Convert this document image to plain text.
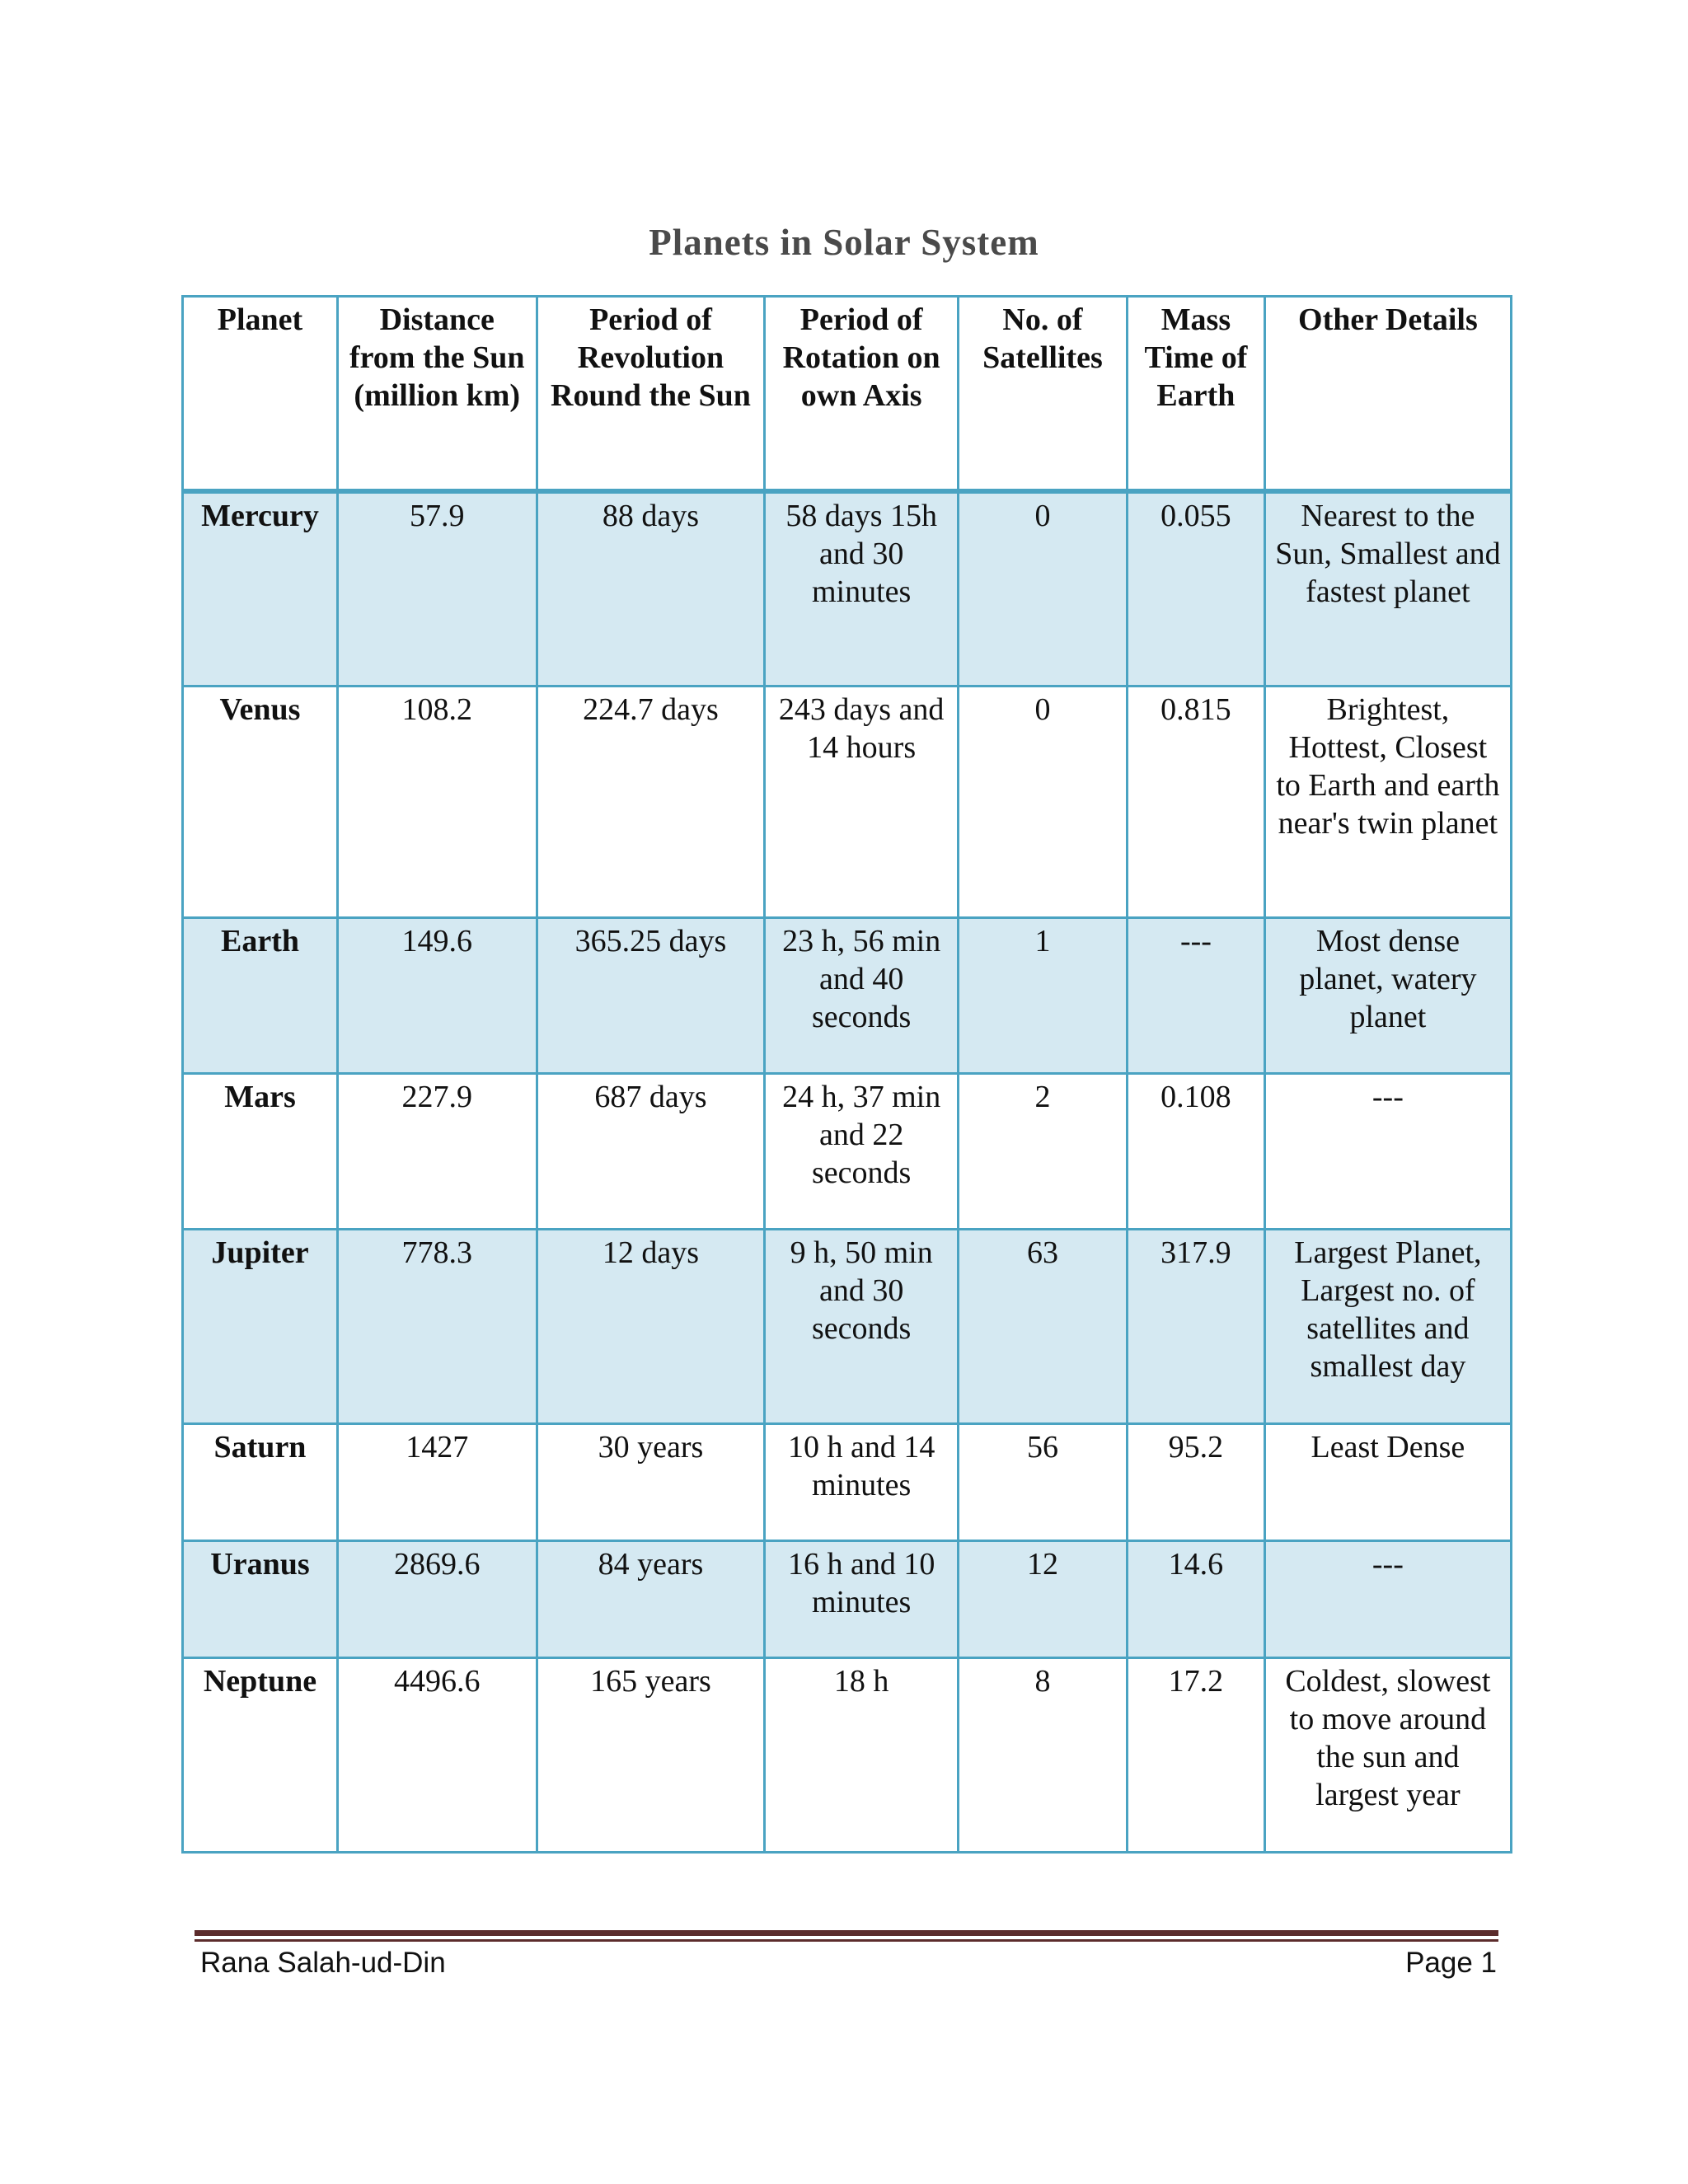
Planets in Solar System
Planet	Distance from the Sun (million km)	Period of Revolution Round the Sun	Period of Rotation on own Axis	No. of Satellites	Mass Time of Earth	Other Details
Mercury	57.9	88 days	58 days 15h and 30 minutes	0	0.055	Nearest to the Sun, Smallest and fastest planet
Venus	108.2	224.7 days	243 days and 14 hours	0	0.815	Brightest, Hottest, Closest to Earth and earth near's twin planet
Earth	149.6	365.25 days	23 h, 56 min and 40 seconds	1	---	Most dense planet, watery planet
Mars	227.9	687 days	24 h, 37 min and 22 seconds	2	0.108	---
Jupiter	778.3	12 days	9 h, 50 min and 30 seconds	63	317.9	Largest Planet, Largest no. of satellites and smallest day
Saturn	1427	30 years	10 h and 14 minutes	56	95.2	Least Dense
Uranus	2869.6	84 years	16 h and 10 minutes	12	14.6	---
Neptune	4496.6	165 years	18 h	8	17.2	Coldest, slowest to move around the sun and largest year
Rana Salah-ud-Din	Page 1
